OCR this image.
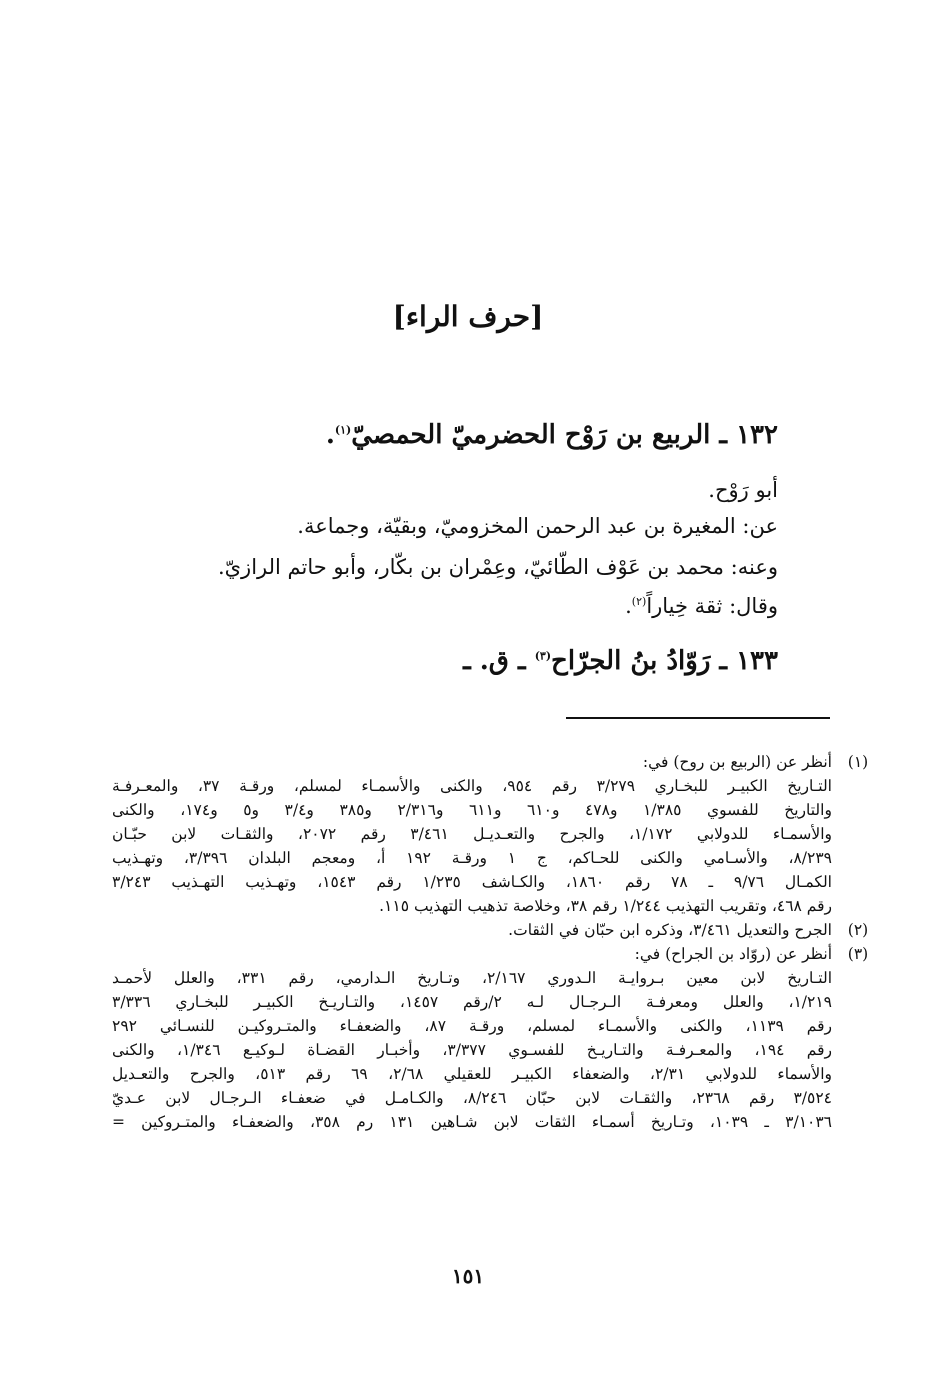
[حرف الراء]
١٣٢ ـ الربيع بن رَوْح الحضرميّ الحمصيّ$^{(١)}$.
أبو رَوْح.
عن: المغيرة بن عبد الرحمن المخزوميّ، وبقيّة، وجماعة.
وعنه: محمد بن عَوْف الطّائيّ، وعِمْران بن بكّار، وأبو حاتم الرازيّ.
وقال: ثقة خِياراً$^{(٢)}$.
١٣٣ ـ رَوّادُ بنُ الجرّاح$^{(٣)}$ ـ ق. ـ
(١)
أنظر عن (الربيع بن روح) في:
التـاريخ الكبيـر للبخـاري ٣/٢٧٩ رقم ٩٥٤، والكنى والأسمـاء لمسلم، ورقـة ٣٧، والمعـرفـة
والتاريخ للفسوي ١/٣٨٥ و٤٧٨ و٦١٠ و٦١١ و٢/٣١٦ و٣٨٥ و٣/٤ و٥ و١٧٤، والكنى
والأسمـاء للدولابي ١/١٧٢، والجرح والتعـديـل ٣/٤٦١ رقم ٢٠٧٢، والثقـات لابن حبّـان
٨/٢٣٩، والأسـامي والكنى للحـاكم، ج ١ ورقـة ١٩٢ أ، ومعجم البلدان ٣/٣٩٦، وتهـذيب
الكمـال ٩/٧٦ ـ ٧٨ رقم ١٨٦٠، والكـاشف ١/٢٣٥ رقم ١٥٤٣، وتهـذيب التهـذيب ٣/٢٤٣
رقم ٤٦٨، وتقريب التهذيب ١/٢٤٤ رقم ٣٨، وخلاصة تذهيب التهذيب ١١٥.
(٢)
الجرح والتعديل ٣/٤٦١، وذكره ابن حبّان في الثقات.
(٣)
أنظر عن (روّاد بن الجراح) في:
التـاريخ لابن معين بـروايـة الـدوري ٢/١٦٧، وتـاريخ الـدارمي، رقم ٣٣١، والعلل لأحمـد
١/٢١٩، والعلل ومعرفـة الـرجـال لـه ٢/رقم ١٤٥٧، والتـاريـخ الكبيـر للبخـاري ٣/٣٣٦
رقم ١١٣٩، والكنى والأسمـاء لمسلم، ورقـة ٨٧، والضعفـاء والمتـروكيـن للنسـائي ٢٩٢
رقم ١٩٤، والمعـرفـة والتـاريـخ للفسـوي ٣/٣٧٧، وأخبـار القضـاة لـوكيـع ١/٣٤٦، والكنى
والأسماء للدولابي ٢/٣١، والضعفاء الكبيـر للعقيلي ٢/٦٨، ٦٩ رقم ٥١٣، والجرح والتعـديل
٣/٥٢٤ رقم ٢٣٦٨، والثقـات لابن حبّان ٨/٢٤٦، والكـامـل في ضعفـاء الـرجـال لابن عـديّ
٣/١٠٣٦ ـ ١٠٣٩، وتـاريخ أسمـاء الثقات لابن شـاهين ١٣١ رم ٣٥٨، والضعفـاء والمتـروكين =
١٥١
